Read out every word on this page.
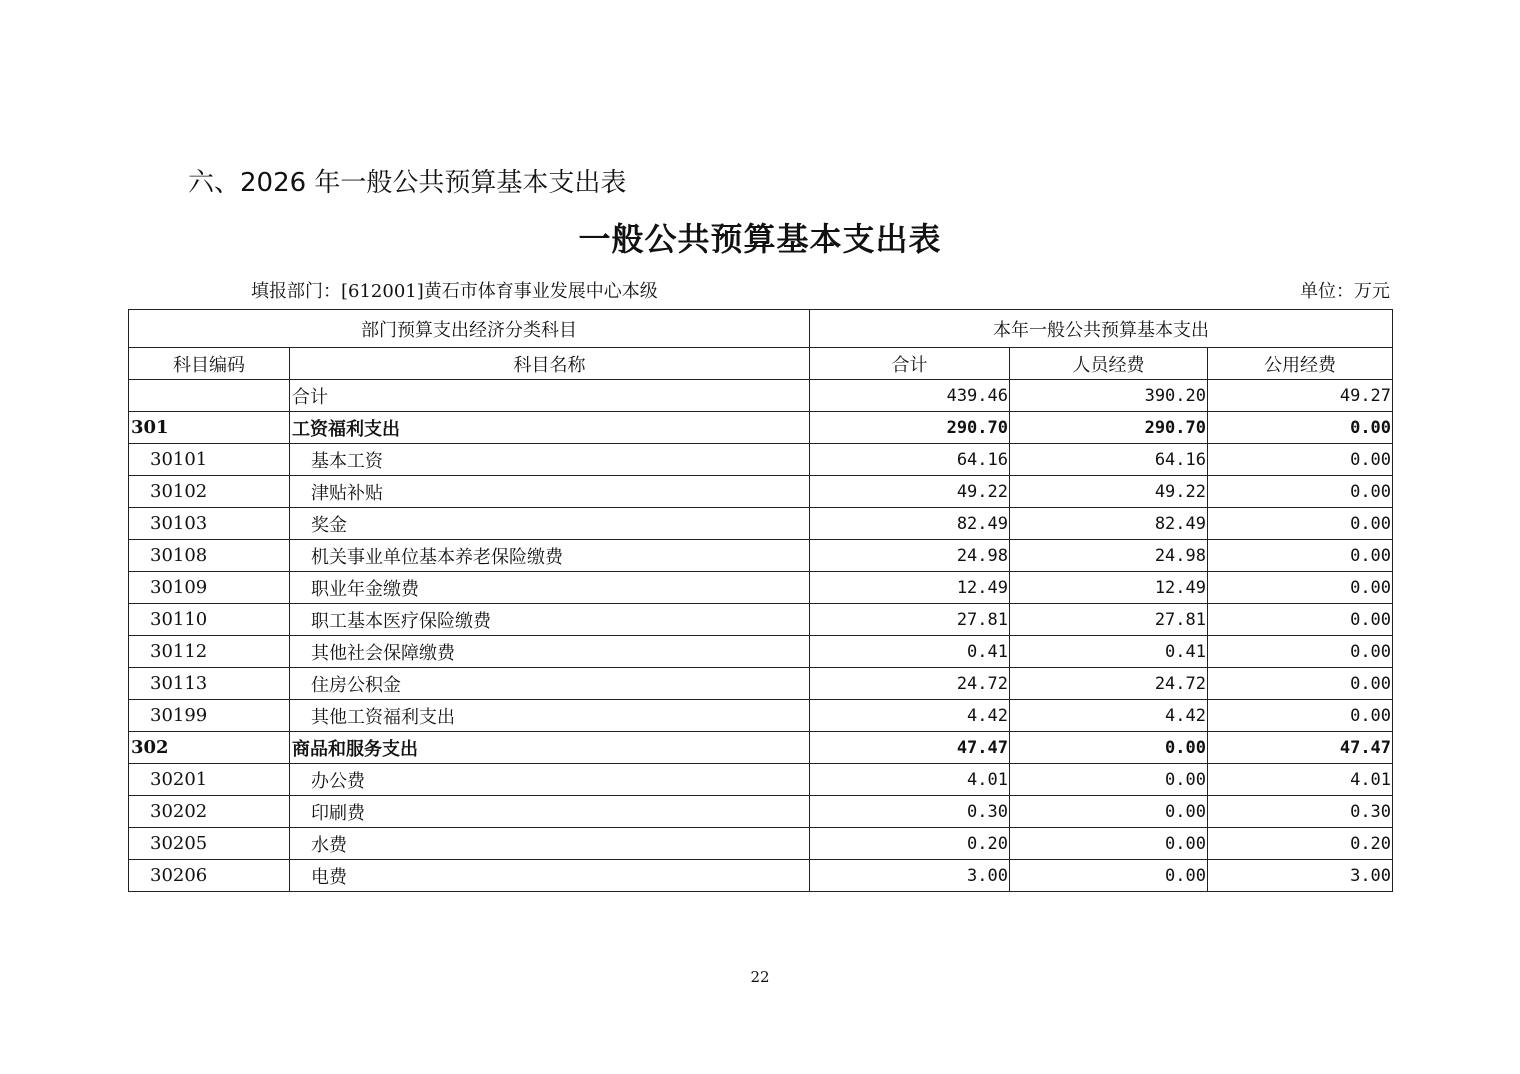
六、2026 年一般公共预算基本支出表
一般公共预算基本支出表
填报部门：[612001]黄石市体育事业发展中心本级	单位：万元
部门预算支出经济分类科目		本年一般公共预算基本支出		
科目编码	科目名称	合计	人员经费	公用经费
	合计	439.46	390.20	49.27
301	工资福利支出	290.70	290.70	0.00
30101	基本工资	64.16	64.16	0.00
30102	津贴补贴	49.22	49.22	0.00
30103	奖金	82.49	82.49	0.00
30108	机关事业单位基本养老保险缴费	24.98	24.98	0.00
30109	职业年金缴费	12.49	12.49	0.00
30110	职工基本医疗保险缴费	27.81	27.81	0.00
30112	其他社会保障缴费	0.41	0.41	0.00
30113	住房公积金	24.72	24.72	0.00
30199	其他工资福利支出	4.42	4.42	0.00
302	商品和服务支出	47.47	0.00	47.47
30201	办公费	4.01	0.00	4.01
30202	印刷费	0.30	0.00	0.30
30205	水费	0.20	0.00	0.20
30206	电费	3.00	0.00	3.00
22
